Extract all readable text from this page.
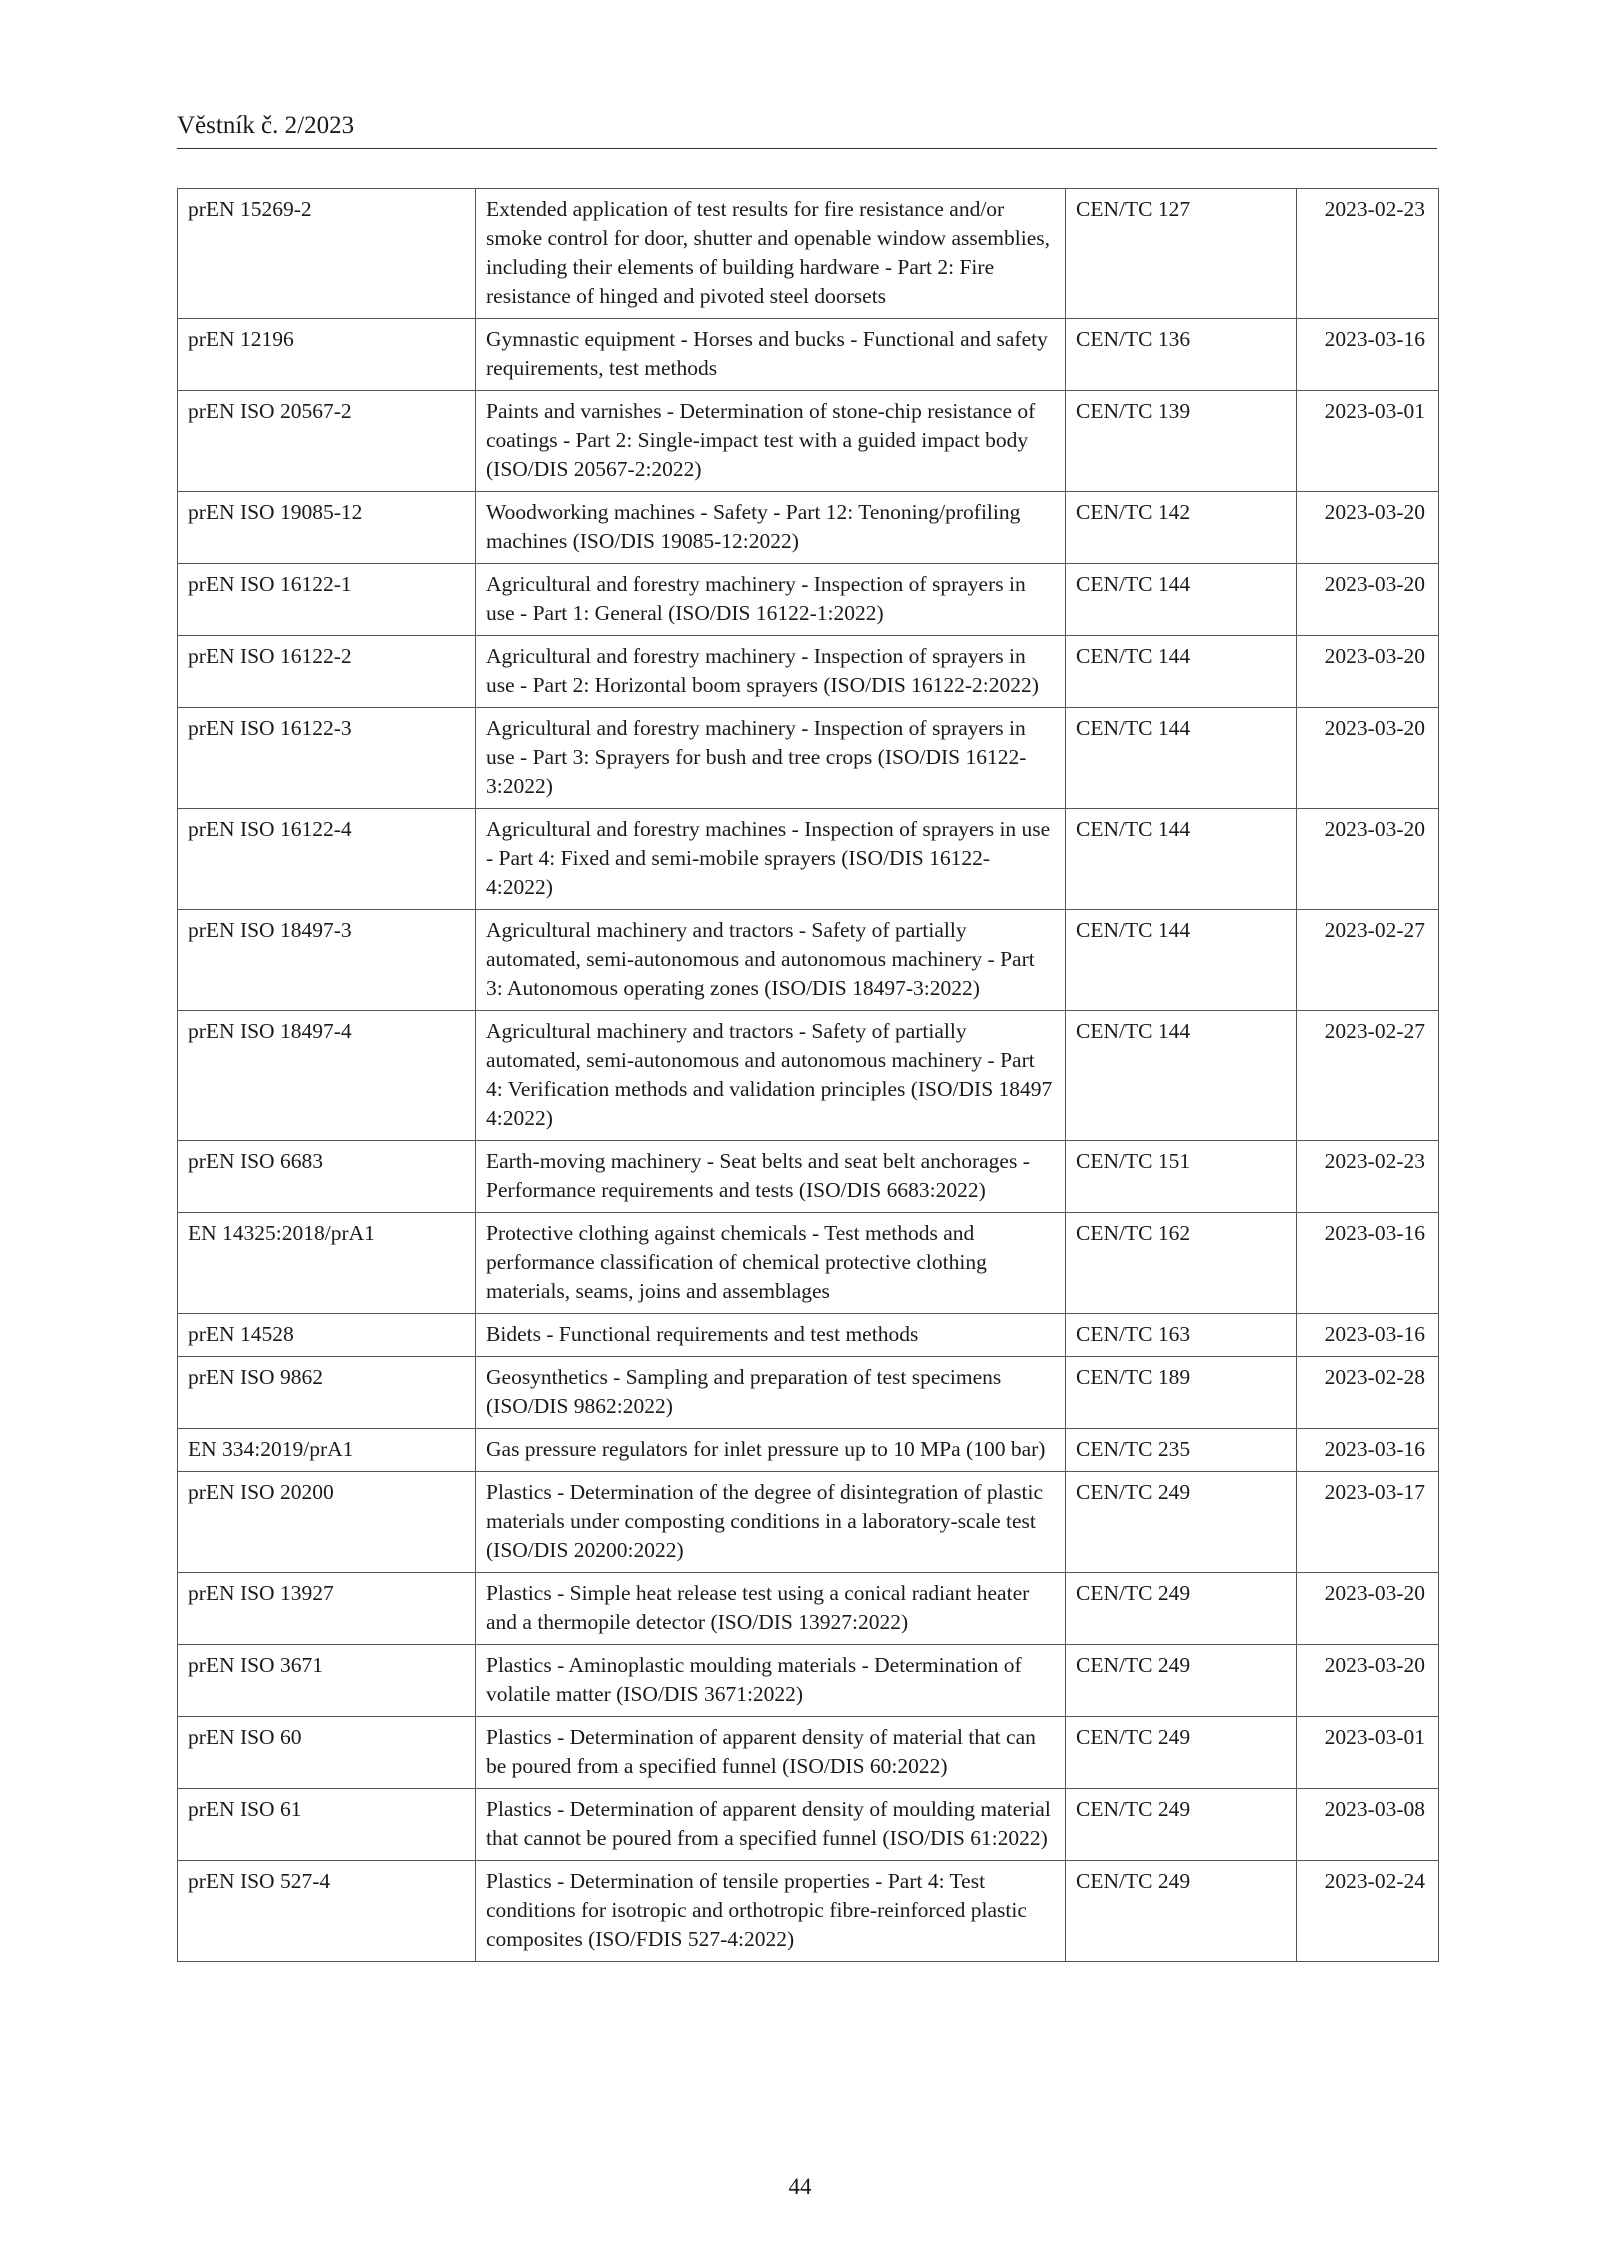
Věstník č. 2/2023
prEN 15269-2	Extended application of test results for fire resistance and/or smoke control for door, shutter and openable window assemblies, including their elements of building hardware - Part 2: Fire resistance of hinged and pivoted steel doorsets	CEN/TC 127	2023-02-23
prEN 12196	Gymnastic equipment - Horses and bucks - Functional and safety requirements, test methods	CEN/TC 136	2023-03-16
prEN ISO 20567-2	Paints and varnishes - Determination of stone-chip resistance of coatings - Part 2: Single-impact test with a guided impact body (ISO/DIS 20567-2:2022)	CEN/TC 139	2023-03-01
prEN ISO 19085-12	Woodworking machines - Safety - Part 12: Tenoning/profiling machines (ISO/DIS 19085-12:2022)	CEN/TC 142	2023-03-20
prEN ISO 16122-1	Agricultural and forestry machinery - Inspection of sprayers in use - Part 1: General (ISO/DIS 16122-1:2022)	CEN/TC 144	2023-03-20
prEN ISO 16122-2	Agricultural and forestry machinery - Inspection of sprayers in use - Part 2: Horizontal boom sprayers (ISO/DIS 16122-2:2022)	CEN/TC 144	2023-03-20
prEN ISO 16122-3	Agricultural and forestry machinery - Inspection of sprayers in use - Part 3: Sprayers for bush and tree crops (ISO/DIS 16122-3:2022)	CEN/TC 144	2023-03-20
prEN ISO 16122-4	Agricultural and forestry machines - Inspection of sprayers in use - Part 4: Fixed and semi-mobile sprayers (ISO/DIS 16122-4:2022)	CEN/TC 144	2023-03-20
prEN ISO 18497-3	Agricultural machinery and tractors - Safety of partially automated, semi-autonomous and autonomous machinery - Part 3: Autonomous operating zones (ISO/DIS 18497-3:2022)	CEN/TC 144	2023-02-27
prEN ISO 18497-4	Agricultural machinery and tractors - Safety of partially automated, semi-autonomous and autonomous machinery - Part 4: Verification methods and validation principles (ISO/DIS 18497 4:2022)	CEN/TC 144	2023-02-27
prEN ISO 6683	Earth-moving machinery - Seat belts and seat belt anchorages - Performance requirements and tests (ISO/DIS 6683:2022)	CEN/TC 151	2023-02-23
EN 14325:2018/prA1	Protective clothing against chemicals - Test methods and performance classification of chemical protective clothing materials, seams, joins and assemblages	CEN/TC 162	2023-03-16
prEN 14528	Bidets - Functional requirements and test methods	CEN/TC 163	2023-03-16
prEN ISO 9862	Geosynthetics - Sampling and preparation of test specimens (ISO/DIS 9862:2022)	CEN/TC 189	2023-02-28
EN 334:2019/prA1	Gas pressure regulators for inlet pressure up to 10 MPa (100 bar)	CEN/TC 235	2023-03-16
prEN ISO 20200	Plastics - Determination of the degree of disintegration of plastic materials under composting conditions in a laboratory-scale test (ISO/DIS 20200:2022)	CEN/TC 249	2023-03-17
prEN ISO 13927	Plastics - Simple heat release test using a conical radiant heater and a thermopile detector (ISO/DIS 13927:2022)	CEN/TC 249	2023-03-20
prEN ISO 3671	Plastics - Aminoplastic moulding materials - Determination of volatile matter (ISO/DIS 3671:2022)	CEN/TC 249	2023-03-20
prEN ISO 60	Plastics - Determination of apparent density of material that can be poured from a specified funnel (ISO/DIS 60:2022)	CEN/TC 249	2023-03-01
prEN ISO 61	Plastics - Determination of apparent density of moulding material that cannot be poured from a specified funnel (ISO/DIS 61:2022)	CEN/TC 249	2023-03-08
prEN ISO 527-4	Plastics - Determination of tensile properties - Part 4: Test conditions for isotropic and orthotropic fibre-reinforced plastic composites (ISO/FDIS 527-4:2022)	CEN/TC 249	2023-02-24
44
